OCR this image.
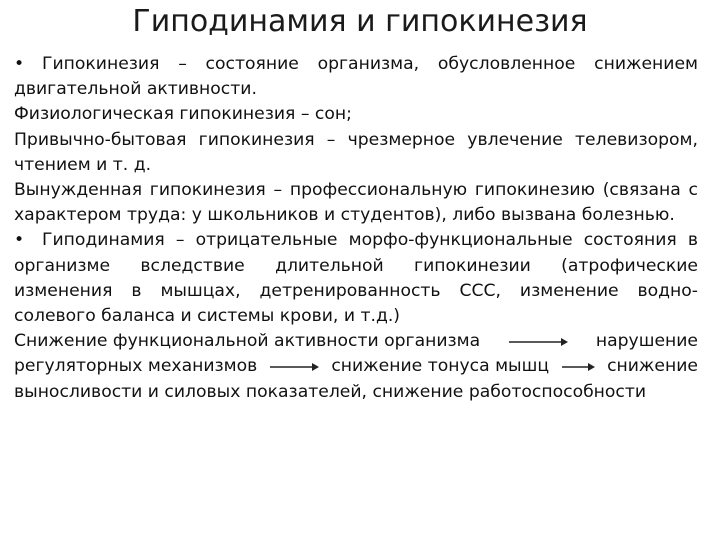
Гиподинамия и гипокинезия

• Гипокинезия – состояние организма, обусловленное снижением двигательной активности.

Физиологическая гипокинезия – сон;

Привычно-бытовая гипокинезия – чрезмерное увлечение телевизором, чтением и т. д.

Вынужденная гипокинезия – профессиональную гипокинезию (связана с характером труда: у школьников и студентов), либо вызвана болезнью.

• Гиподинамия – отрицательные морфо-функциональные состояния в организме вследствие длительной гипокинезии (атрофические изменения в мышцах, детренированность ССС, изменение водно-солевого баланса и системы крови, и т.д.)

Снижение функциональной активности организма	нарушение
регуляторных механизмов	снижение тонуса мышц	снижение

выносливости и силовых показателей, снижение работоспособности
